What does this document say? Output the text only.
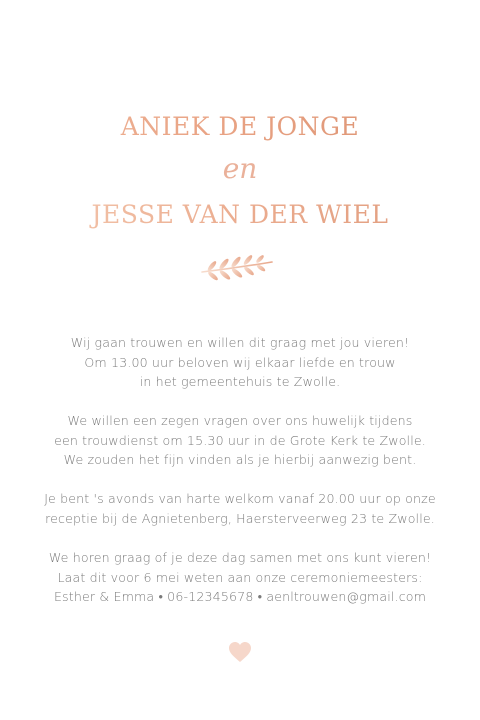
ANIEK DE JONGE
en
JESSE VAN DER WIEL
Wij gaan trouwen en willen dit graag met jou vieren!
Om 13.00 uur beloven wij elkaar liefde en trouw
in het gemeentehuis te Zwolle.
We willen een zegen vragen over ons huwelijk tijdens
een trouwdienst om 15.30 uur in de Grote Kerk te Zwolle.
We zouden het fijn vinden als je hierbij aanwezig bent.
Je bent 's avonds van harte welkom vanaf 20.00 uur op onze
receptie bij de Agnietenberg, Haersterveerweg 23 te Zwolle.
We horen graag of je deze dag samen met ons kunt vieren!
Laat dit voor 6 mei weten aan onze ceremoniemeesters:
Esther & Emma • 06-12345678 • aenltrouwen@gmail.com
